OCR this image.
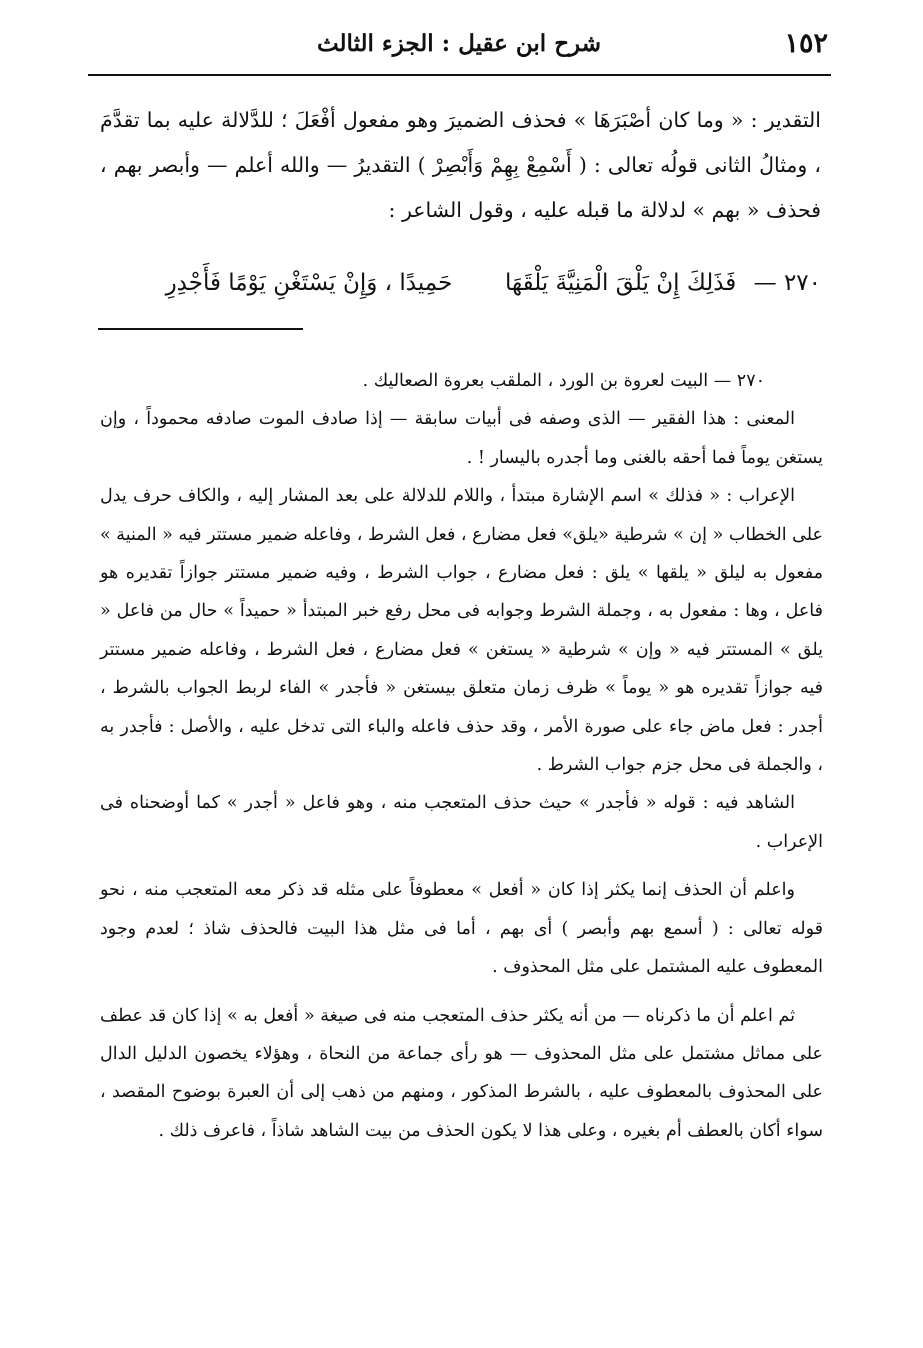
١٥٢
شرح ابن عقيل : الجزء الثالث

التقدير : « وما كان أصْبَرَهَا » فحذف الضميرَ وهو مفعول أفْعَلَ ؛ للدَّلالة عليه بما تقدَّمَ ، ومثالُ الثانى قولُه تعالى : ( أَسْمِعْ بِهِمْ وَأَبْصِرْ ) التقديرُ — والله أعلم — وأبصر بهم ، فحذف « بهم » لدلالة ما قبله عليه ، وقول الشاعر :

٢٧٠ — فَذَلِكَ إِنْ يَلْقَ الْمَنِيَّةَ يَلْقَهَا  حَمِيدًا ، وَإِنْ يَسْتَغْنِ يَوْمًا فَأَجْدِرِ

٢٧٠ — البيت لعروة بن الورد ، الملقب بعروة الصعاليك .

المعنى : هذا الفقير — الذى وصفه فى أبيات سابقة — إذا صادف الموت صادفه محموداً ، وإن يستغن يوماً فما أحقه بالغنى وما أجدره باليسار ! .

الإعراب : « فذلك » اسم الإشارة مبتدأ ، واللام للدلالة على بعد المشار إليه ، والكاف حرف يدل على الخطاب « إن » شرطية «يلق» فعل مضارع ، فعل الشرط ، وفاعله ضمير مستتر فيه « المنية » مفعول به ليلق « يلقها » يلق : فعل مضارع ، جواب الشرط ، وفيه ضمير مستتر جوازاً تقديره هو فاعل ، وها : مفعول به ، وجملة الشرط وجوابه فى محل رفع خبر المبتدأ « حميداً » حال من فاعل « يلق » المستتر فيه « وإن » شرطية « يستغن » فعل مضارع ، فعل الشرط ، وفاعله ضمير مستتر فيه جوازاً تقديره هو « يوماً » ظرف زمان متعلق بيستغن « فأجدر » الفاء لربط الجواب بالشرط ، أجدر : فعل ماض جاء على صورة الأمر ، وقد حذف فاعله والباء التى تدخل عليه ، والأصل : فأجدر به ، والجملة فى محل جزم جواب الشرط .

الشاهد فيه : قوله « فأجدر » حيث حذف المتعجب منه ، وهو فاعل « أجدر » كما أوضحناه فى الإعراب .

واعلم أن الحذف إنما يكثر إذا كان « أفعل » معطوفاً على مثله قد ذكر معه المتعجب منه ، نحو قوله تعالى : ( أسمع بهم وأبصر ) أى بهم ، أما فى مثل هذا البيت فالحذف شاذ ؛ لعدم وجود المعطوف عليه المشتمل على مثل المحذوف .

ثم اعلم أن ما ذكرناه — من أنه يكثر حذف المتعجب منه فى صيغة « أفعل به » إذا كان قد عطف على مماثل مشتمل على مثل المحذوف — هو رأى جماعة من النحاة ، وهؤلاء يخصون الدليل الدال على المحذوف بالمعطوف عليه ، بالشرط المذكور ، ومنهم من ذهب إلى أن العبرة بوضوح المقصد ، سواء أكان بالعطف أم بغيره ، وعلى هذا لا يكون الحذف من بيت الشاهد شاذاً ، فاعرف ذلك .
